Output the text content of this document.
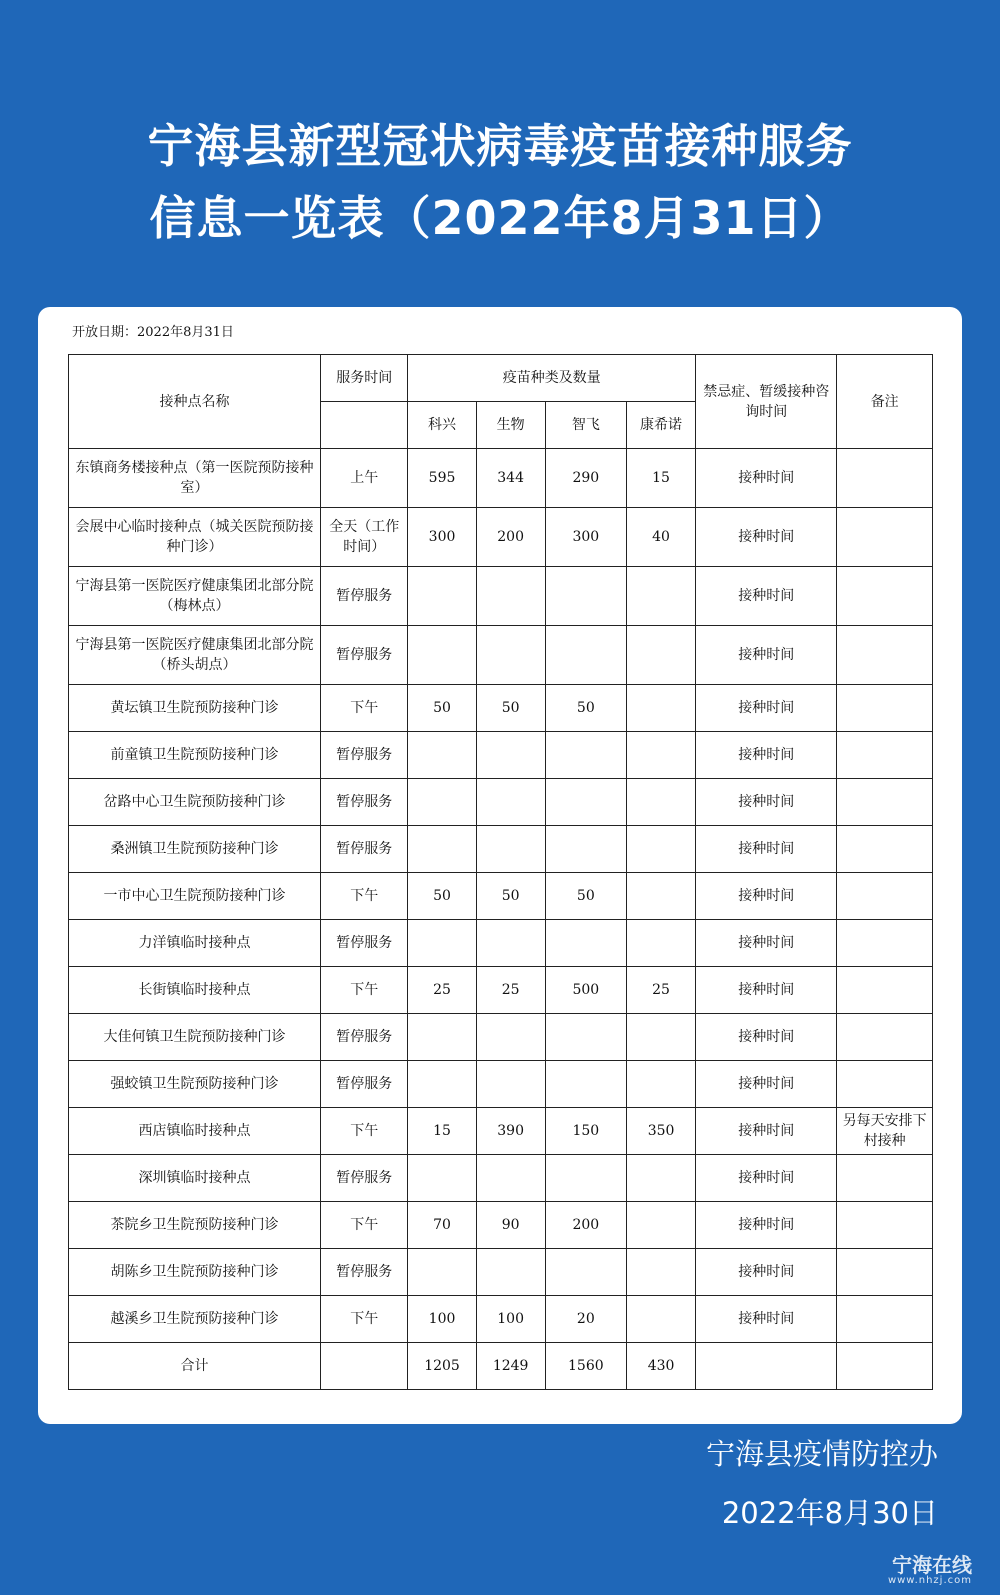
宁海县新型冠状病毒疫苗接种服务
信息一览表（2022年8月31日）
开放日期：2022年8月31日
接种点名称	服务时间	疫苗种类及数量				禁忌症、暂缓接种咨询时间	备注
		科兴	生物	智飞	康希诺		
东镇商务楼接种点（第一医院预防接种室）	上午	595	344	290	15	接种时间	
会展中心临时接种点（城关医院预防接种门诊）	全天（工作时间）	300	200	300	40	接种时间	
宁海县第一医院医疗健康集团北部分院（梅林点）	暂停服务					接种时间	
宁海县第一医院医疗健康集团北部分院（桥头胡点）	暂停服务					接种时间	
黄坛镇卫生院预防接种门诊	下午	50	50	50		接种时间	
前童镇卫生院预防接种门诊	暂停服务					接种时间	
岔路中心卫生院预防接种门诊	暂停服务					接种时间	
桑洲镇卫生院预防接种门诊	暂停服务					接种时间	
一市中心卫生院预防接种门诊	下午	50	50	50		接种时间	
力洋镇临时接种点	暂停服务					接种时间	
长街镇临时接种点	下午	25	25	500	25	接种时间	
大佳何镇卫生院预防接种门诊	暂停服务					接种时间	
强蛟镇卫生院预防接种门诊	暂停服务					接种时间	
西店镇临时接种点	下午	15	390	150	350	接种时间	另每天安排下村接种
深圳镇临时接种点	暂停服务					接种时间	
茶院乡卫生院预防接种门诊	下午	70	90	200		接种时间	
胡陈乡卫生院预防接种门诊	暂停服务					接种时间	
越溪乡卫生院预防接种门诊	下午	100	100	20		接种时间	
合计		1205	1249	1560	430		
宁海县疫情防控办
2022年8月30日
宁海在线
www.nhzj.com
